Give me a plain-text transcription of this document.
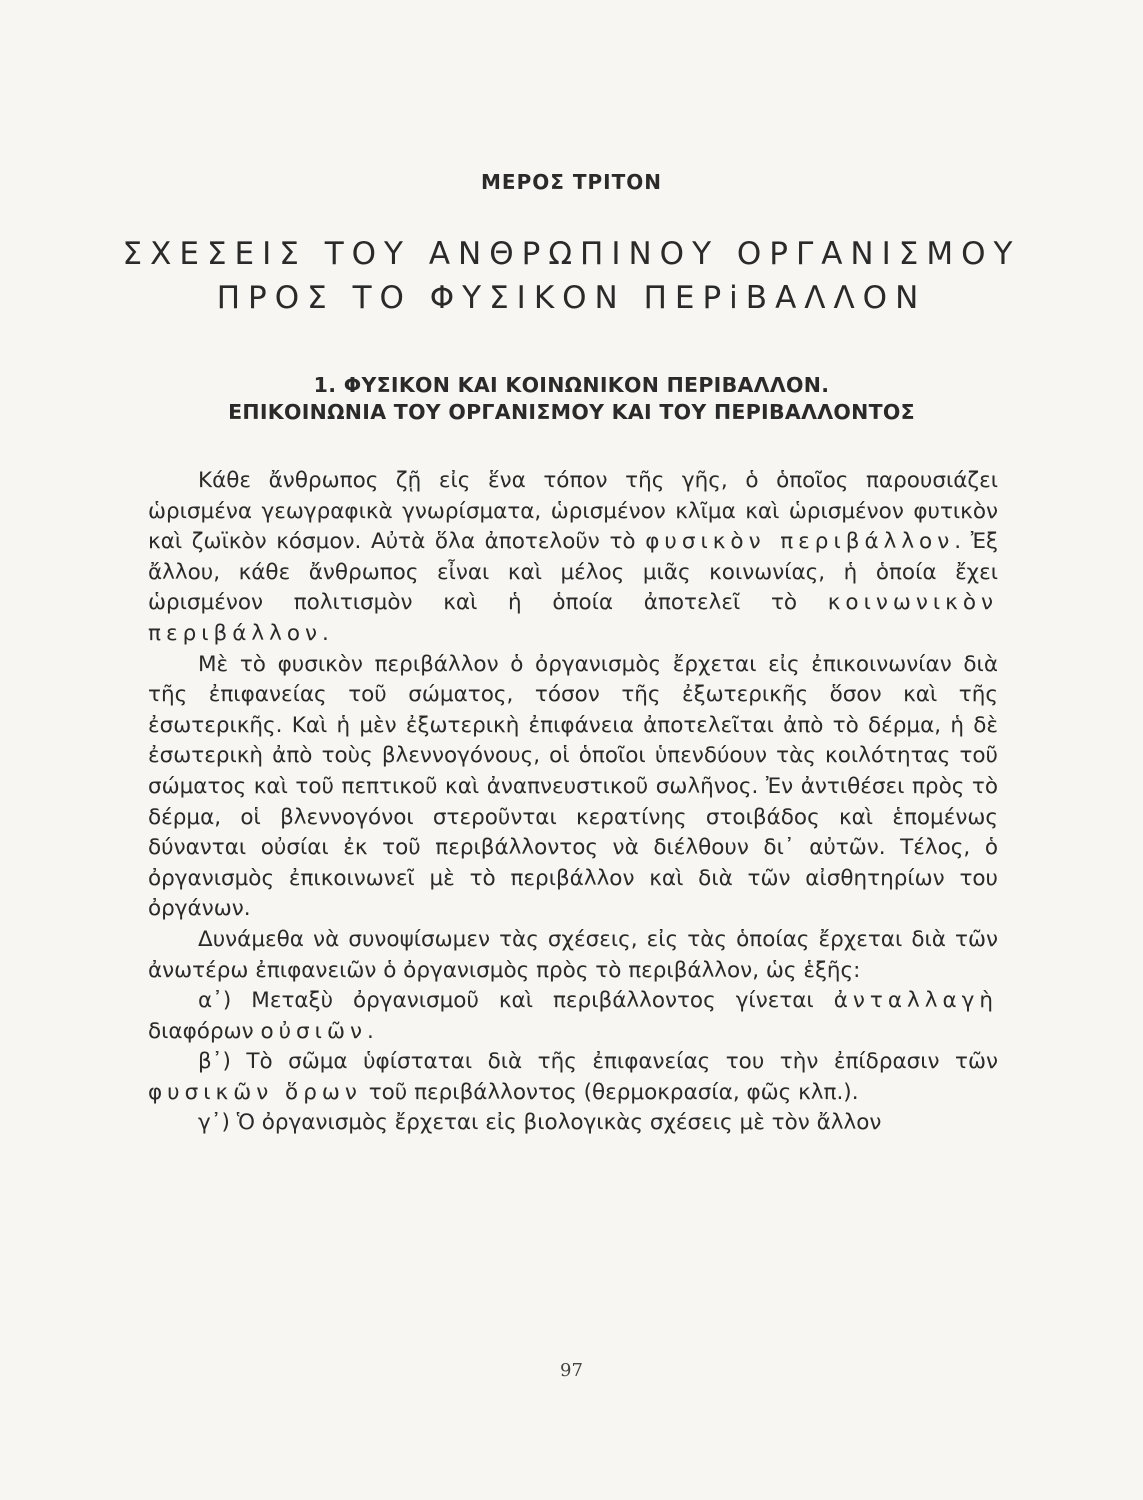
ΜΕΡΟΣ ΤΡΙΤΟΝ
ΣΧΕΣΕΙΣ ΤΟΥ ΑΝΘΡΩΠΙΝΟΥ ΟΡΓΑΝΙΣΜΟΥ
ΠΡΟΣ ΤΟ ΦΥΣΙΚΟΝ ΠΕΡiΒΑΛΛΟΝ
1. ΦΥΣΙΚΟΝ ΚΑΙ ΚΟΙΝΩΝΙΚΟΝ ΠΕΡΙΒΑΛΛΟΝ.
ΕΠΙΚΟΙΝΩΝΙΑ ΤΟΥ ΟΡΓΑΝΙΣΜΟΥ ΚΑΙ ΤΟΥ ΠΕΡΙΒΑΛΛΟΝΤΟΣ

Κάθε ἄνθρωπος ζῇ εἰς ἕνα τόπον τῆς γῆς, ὁ ὁποῖος παρουσιάζει ὡρισμένα γεωγραφικὰ γνωρίσματα, ὡρισμένον κλῖμα καὶ ὡρισμένον φυτικὸν καὶ ζωϊκὸν κόσμον. Αὐτὰ ὅλα ἀποτελοῦν τὸ φυσικὸν περιβάλλον. Ἐξ ἄλλου, κάθε ἄνθρωπος εἶναι καὶ μέλος μιᾶς κοινωνίας, ἡ ὁποία ἔχει ὡρισμένον πολιτισμὸν καὶ ἡ ὁποία ἀποτελεῖ τὸ κοινωνικὸν περιβάλλον.

Μὲ τὸ φυσικὸν περιβάλλον ὁ ὀργανισμὸς ἔρχεται εἰς ἐπικοινωνίαν διὰ τῆς ἐπιφανείας τοῦ σώματος, τόσον τῆς ἐξωτερικῆς ὅσον καὶ τῆς ἐσωτερικῆς. Καὶ ἡ μὲν ἐξωτερικὴ ἐπιφάνεια ἀποτελεῖται ἀπὸ τὸ δέρμα, ἡ δὲ ἐσωτερικὴ ἀπὸ τοὺς βλεννογόνους, οἱ ὁποῖοι ὑπενδύουν τὰς κοιλότητας τοῦ σώματος καὶ τοῦ πεπτικοῦ καὶ ἀναπνευστικοῦ σωλῆνος. Ἐν ἀντιθέσει πρὸς τὸ δέρμα, οἱ βλεννογόνοι στεροῦνται κερατίνης στοιβάδος καὶ ἑπομένως δύνανται οὐσίαι ἐκ τοῦ περιβάλλοντος νὰ διέλθουν δι᾽ αὐτῶν. Τέλος, ὁ ὀργανισμὸς ἐπικοινωνεῖ μὲ τὸ περιβάλλον καὶ διὰ τῶν αἰσθητηρίων του ὀργάνων.

Δυνάμεθα νὰ συνοψίσωμεν τὰς σχέσεις, εἰς τὰς ὁποίας ἔρχεται διὰ τῶν ἀνωτέρω ἐπιφανειῶν ὁ ὀργανισμὸς πρὸς τὸ περιβάλλον, ὡς ἑξῆς:

α᾽) Μεταξὺ ὀργανισμοῦ καὶ περιβάλλοντος γίνεται ἀνταλλαγὴ διαφόρων οὐσιῶν.

β᾽) Τὸ σῶμα ὑφίσταται διὰ τῆς ἐπιφανείας του τὴν ἐπίδρασιν τῶν φυσικῶν ὅρων τοῦ περιβάλλοντος (θερμοκρασία, φῶς κλπ.).

γ᾽) Ὁ ὀργανισμὸς ἔρχεται εἰς βιολογικὰς σχέσεις μὲ τὸν ἄλλον

97
